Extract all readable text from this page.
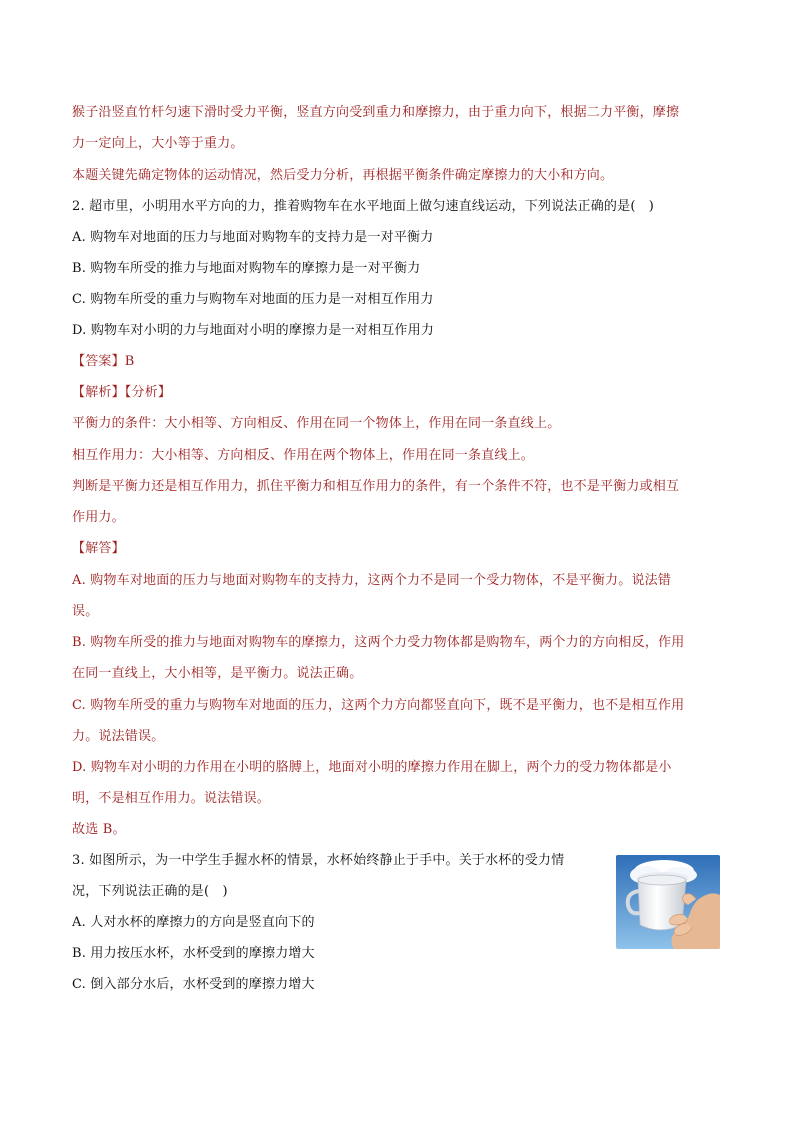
猴子沿竖直竹杆匀速下滑时受力平衡，竖直方向受到重力和摩擦力，由于重力向下，根据二力平衡，摩擦
力一定向上，大小等于重力。
本题关键先确定物体的运动情况，然后受力分析，再根据平衡条件确定摩擦力的大小和方向。
2. 超市里，小明用水平方向的力，推着购物车在水平地面上做匀速直线运动，下列说法正确的是(　)
A. 购物车对地面的压力与地面对购物车的支持力是一对平衡力
B. 购物车所受的推力与地面对购物车的摩擦力是一对平衡力
C. 购物车所受的重力与购物车对地面的压力是一对相互作用力
D. 购物车对小明的力与地面对小明的摩擦力是一对相互作用力
【答案】B
【解析】【分析】
平衡力的条件：大小相等、方向相反、作用在同一个物体上，作用在同一条直线上。
相互作用力：大小相等、方向相反、作用在两个物体上，作用在同一条直线上。
判断是平衡力还是相互作用力，抓住平衡力和相互作用力的条件，有一个条件不符，也不是平衡力或相互
作用力。
【解答】
A. 购物车对地面的压力与地面对购物车的支持力，这两个力不是同一个受力物体，不是平衡力。说法错
误。
B. 购物车所受的推力与地面对购物车的摩擦力，这两个力受力物体都是购物车，两个力的方向相反，作用
在同一直线上，大小相等，是平衡力。说法正确。
C. 购物车所受的重力与购物车对地面的压力，这两个力方向都竖直向下，既不是平衡力，也不是相互作用
力。说法错误。
D. 购物车对小明的力作用在小明的胳膊上，地面对小明的摩擦力作用在脚上，两个力的受力物体都是小
明，不是相互作用力。说法错误。
故选 B。
3. 如图所示，为一中学生手握水杯的情景，水杯始终静止于手中。关于水杯的受力情
况，下列说法正确的是(　)
A. 人对水杯的摩擦力的方向是竖直向下的
B. 用力按压水杯，水杯受到的摩擦力增大
C. 倒入部分水后，水杯受到的摩擦力增大
